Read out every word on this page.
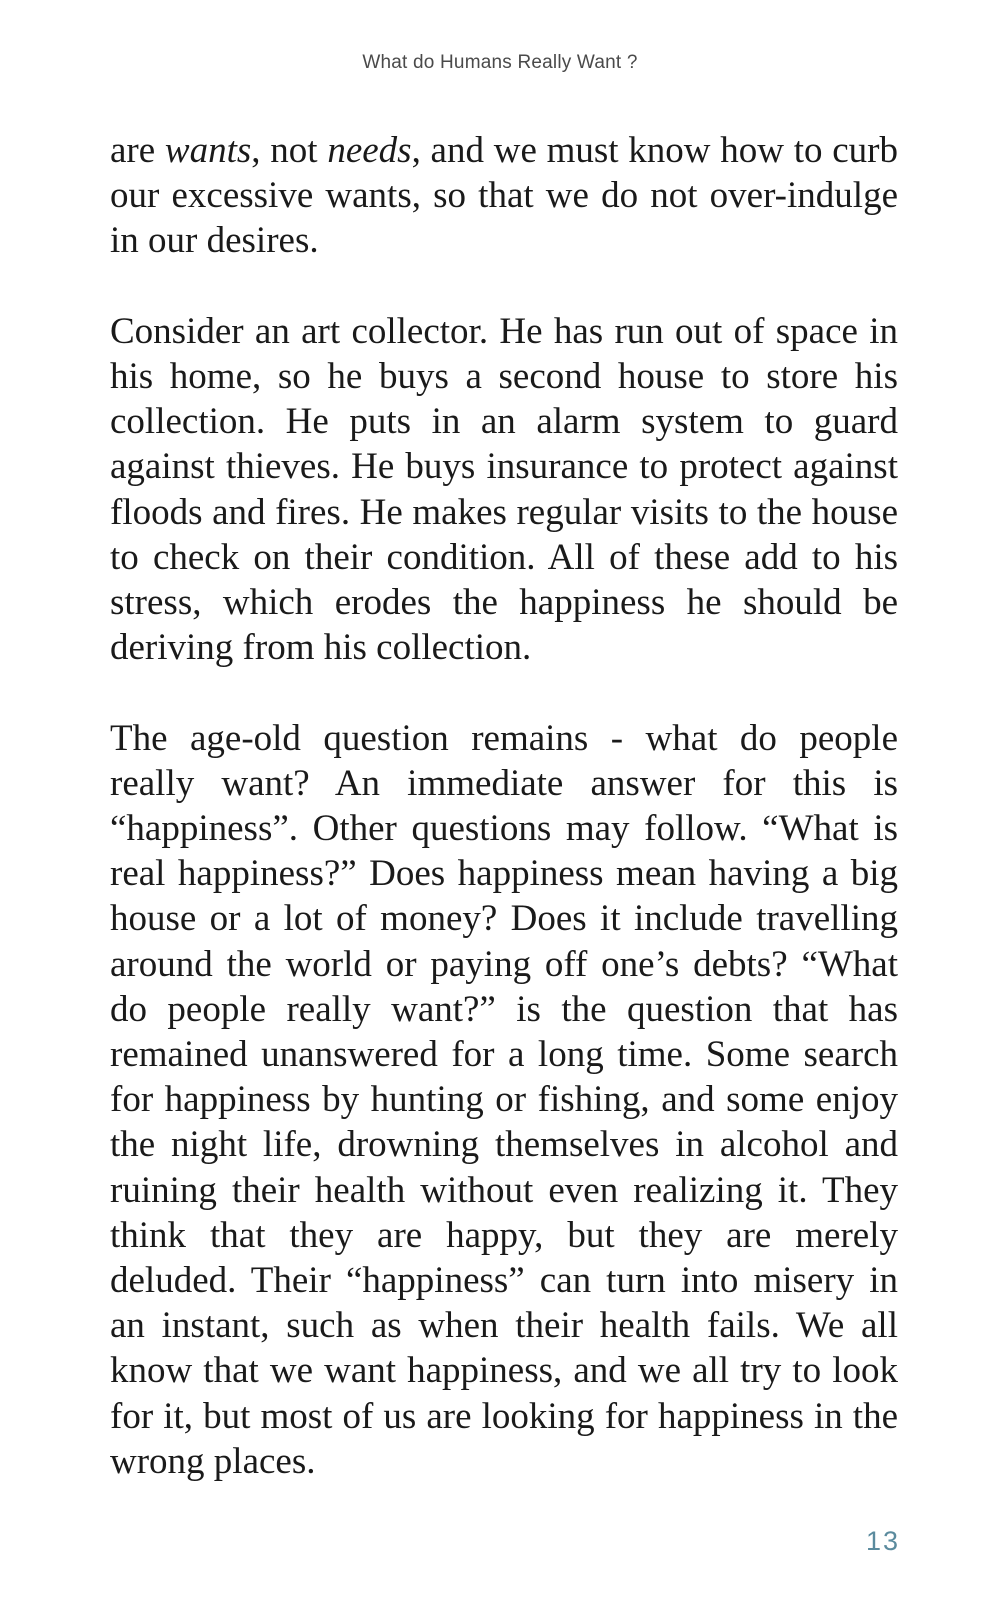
What do Humans Really Want ?

are wants, not needs, and we must know how to curb our excessive wants, so that we do not over-indulge in our desires.

Consider an art collector. He has run out of space in his home, so he buys a second house to store his collection. He puts in an alarm system to guard against thieves. He buys insurance to protect against floods and fires. He makes regular visits to the house to check on their condition. All of these add to his stress, which erodes the happiness he should be deriving from his collection.

The age-old question remains - what do people really want? An immediate answer for this is “happiness”. Other questions may follow. “What is real happiness?” Does happiness mean having a big house or a lot of money? Does it include travelling around the world or paying off one’s debts? “What do people really want?” is the question that has remained unanswered for a long time. Some search for happiness by hunting or fishing, and some enjoy the night life, drowning themselves in alcohol and ruining their health without even realizing it. They think that they are happy, but they are merely deluded. Their “happiness” can turn into misery in an instant, such as when their health fails. We all know that we want happiness, and we all try to look for it, but most of us are looking for happiness in the wrong places.

13
